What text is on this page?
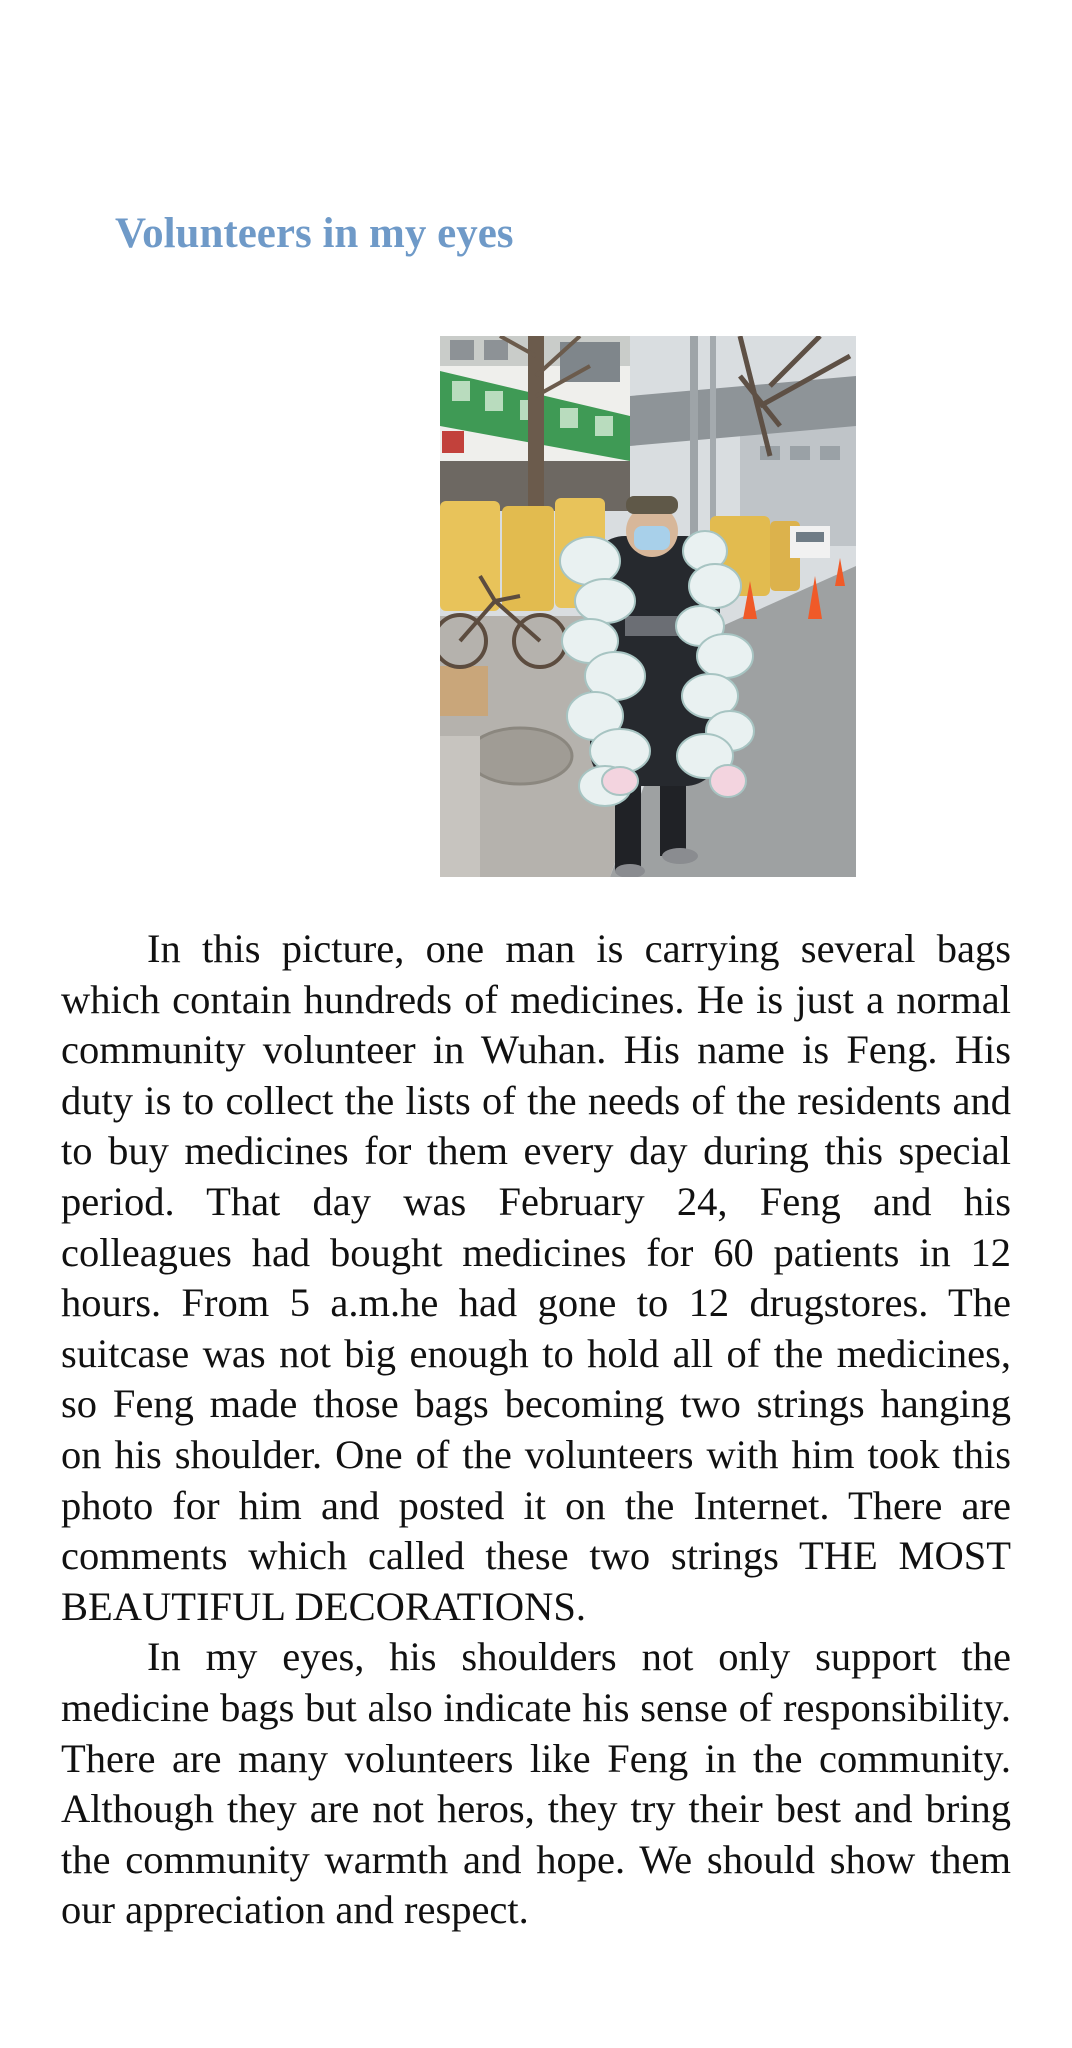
Volunteers in my eyes

In this picture, one man is carrying several bags which contain hundreds of medicines. He is just a normal community volunteer in Wuhan. His name is Feng. His duty is to collect the lists of the needs of the residents and to buy medicines for them every day during this special period. That day was February 24, Feng and his colleagues had bought medicines for 60 patients in 12 hours. From 5 a.m.he had gone to 12 drugstores. The suitcase was not big enough to hold all of the medicines, so Feng made those bags becoming two strings hanging on his shoulder. One of the volunteers with him took this photo for him and posted it on the Internet. There are comments which called these two strings THE MOST BEAUTIFUL DECORATIONS.

In my eyes, his shoulders not only support the medicine bags but also indicate his sense of responsibility. There are many volunteers like Feng in the community. Although they are not heros, they try their best and bring the community warmth and hope. We should show them our appreciation and respect.
